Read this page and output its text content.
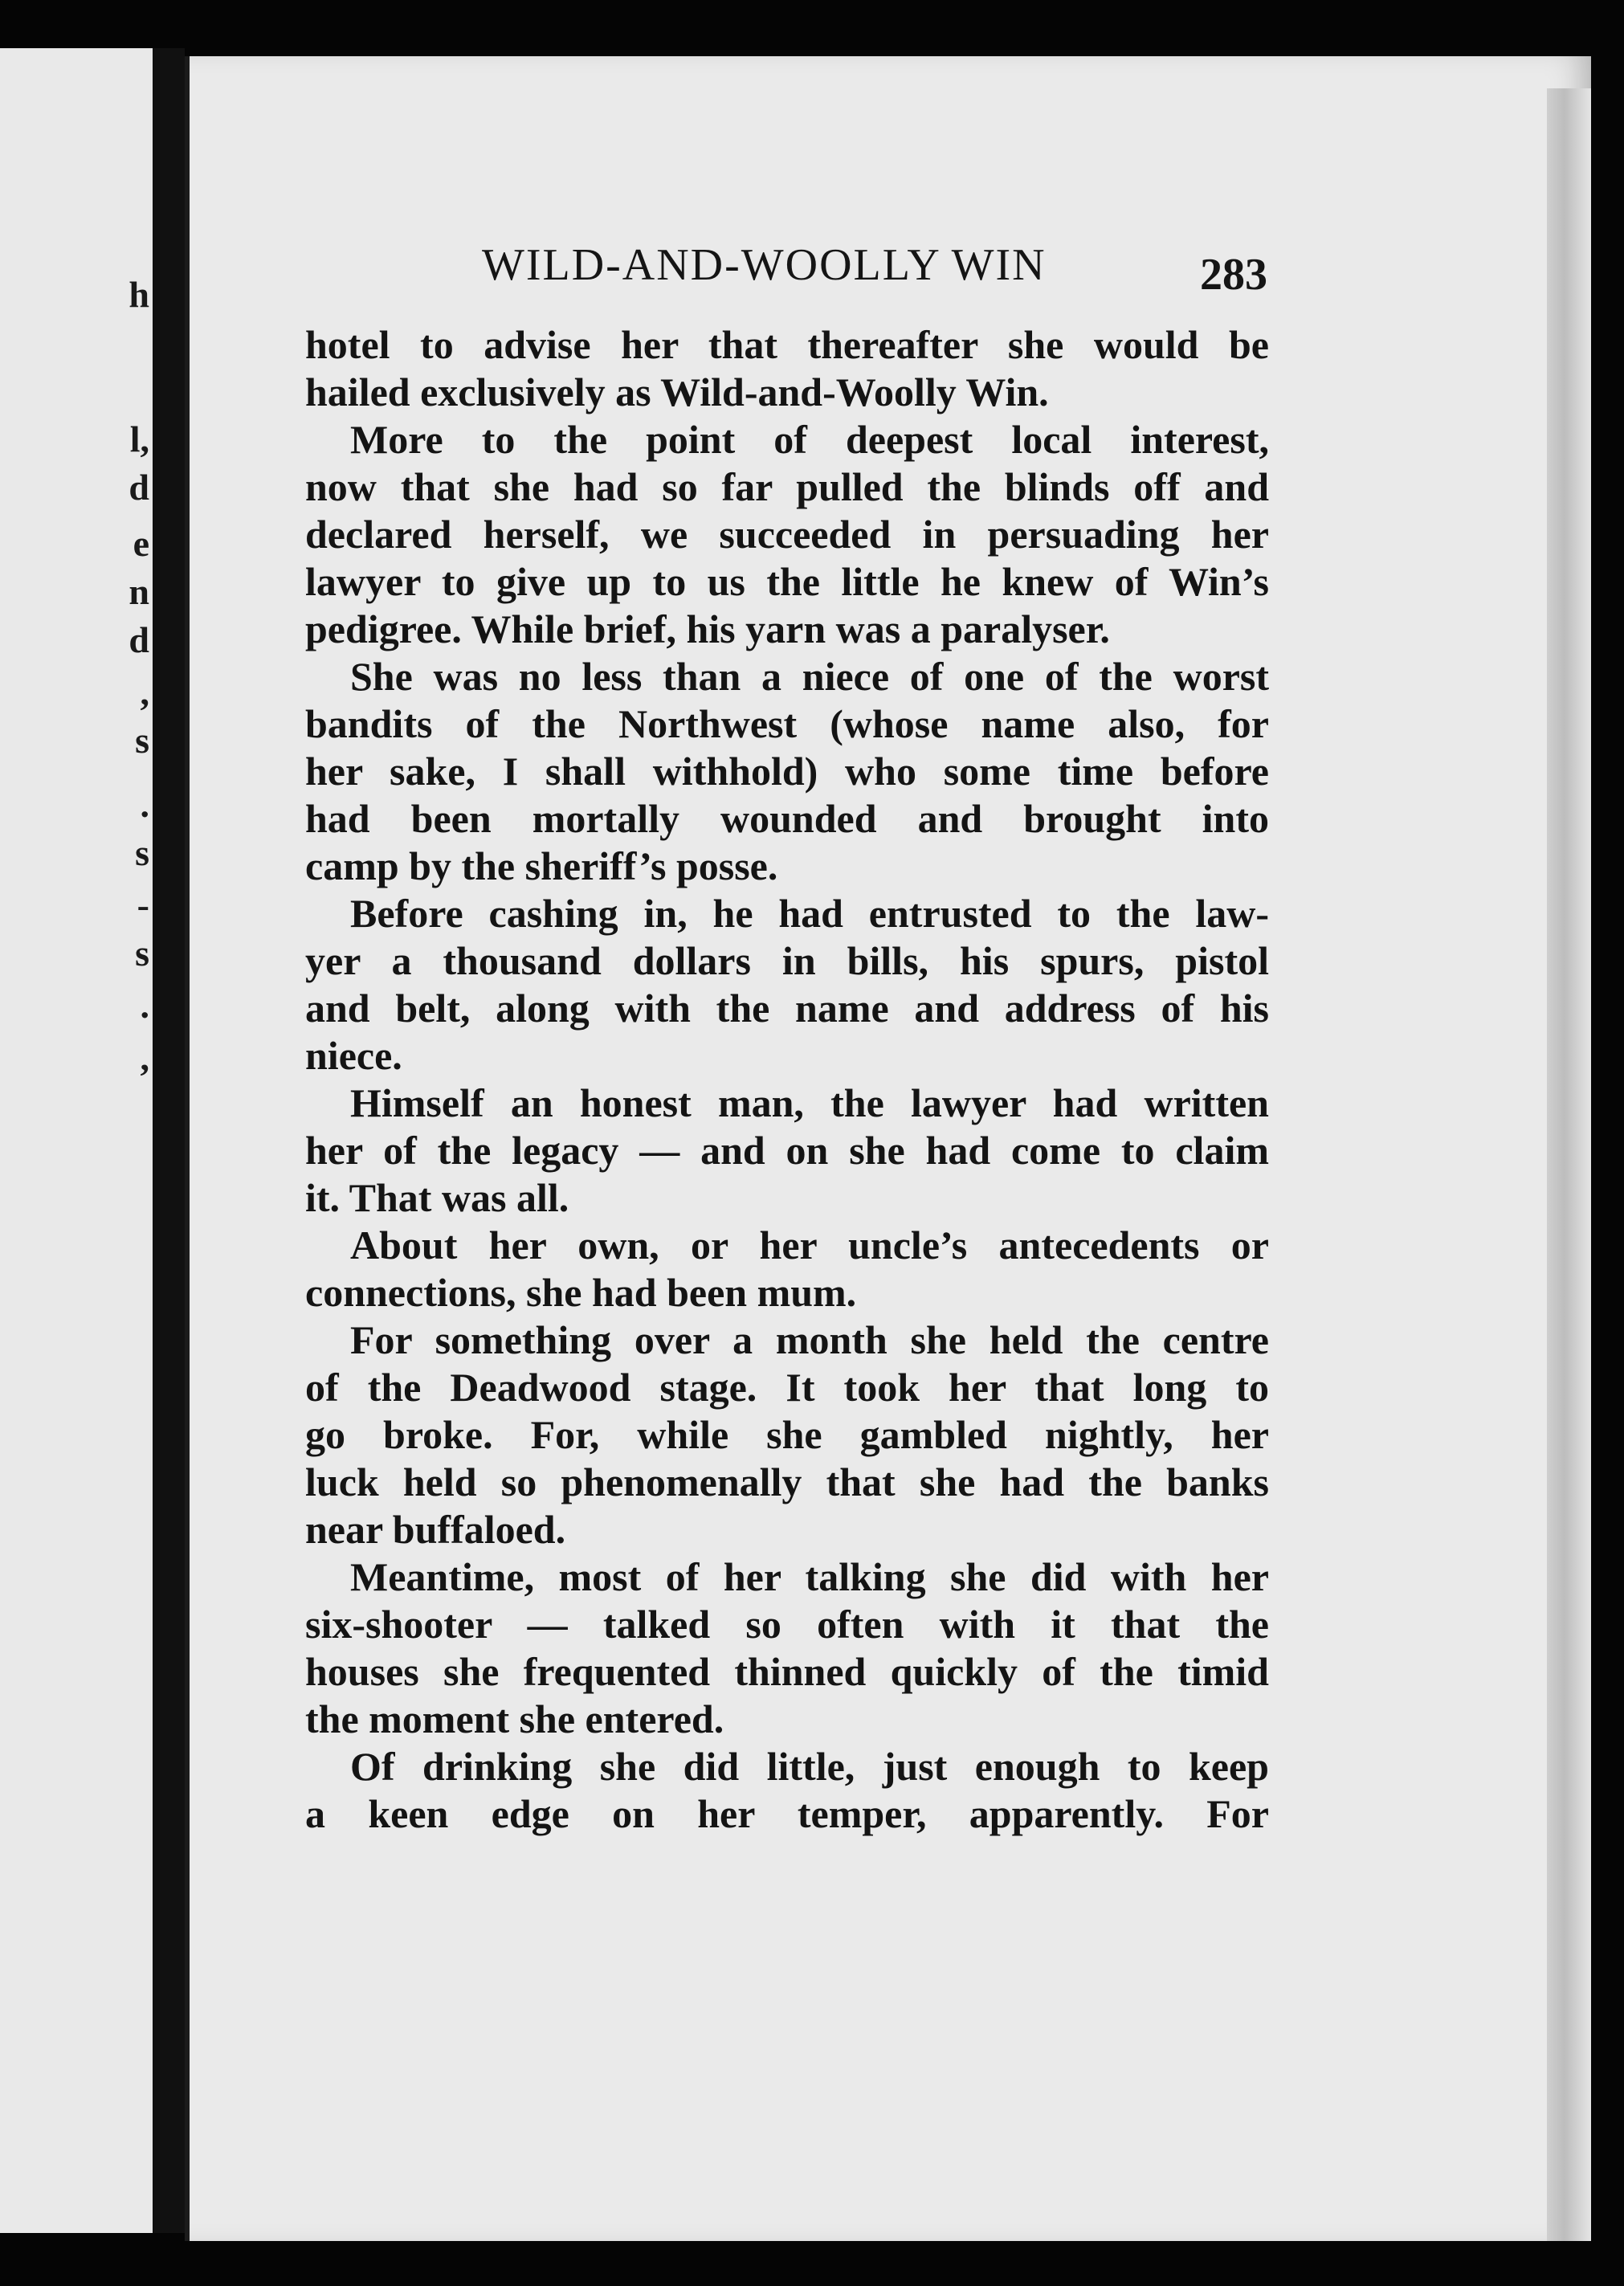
h
l,
d
e
n
d
,
s
.
s
-
s
.
,
WILD-AND-WOOLLY WIN	283
hotel to advise her that thereafter she would be
hailed exclusively as Wild-and-Woolly Win.
More to the point of deepest local interest,
now that she had so far pulled the blinds off and
declared herself, we succeeded in persuading her
lawyer to give up to us the little he knew of Win’s
pedigree. While brief, his yarn was a paralyser.
She was no less than a niece of one of the worst
bandits of the Northwest (whose name also, for
her sake, I shall withhold) who some time before
had been mortally wounded and brought into
camp by the sheriff’s posse.
Before cashing in, he had entrusted to the law-
yer a thousand dollars in bills, his spurs, pistol
and belt, along with the name and address of his
niece.
Himself an honest man, the lawyer had written
her of the legacy — and on she had come to claim
it. That was all.
About her own, or her uncle’s antecedents or
connections, she had been mum.
For something over a month she held the centre
of the Deadwood stage. It took her that long to
go broke. For, while she gambled nightly, her
luck held so phenomenally that she had the banks
near buffaloed.
Meantime, most of her talking she did with her
six-shooter — talked so often with it that the
houses she frequented thinned quickly of the timid
the moment she entered.
Of drinking she did little, just enough to keep
a keen edge on her temper, apparently. For
